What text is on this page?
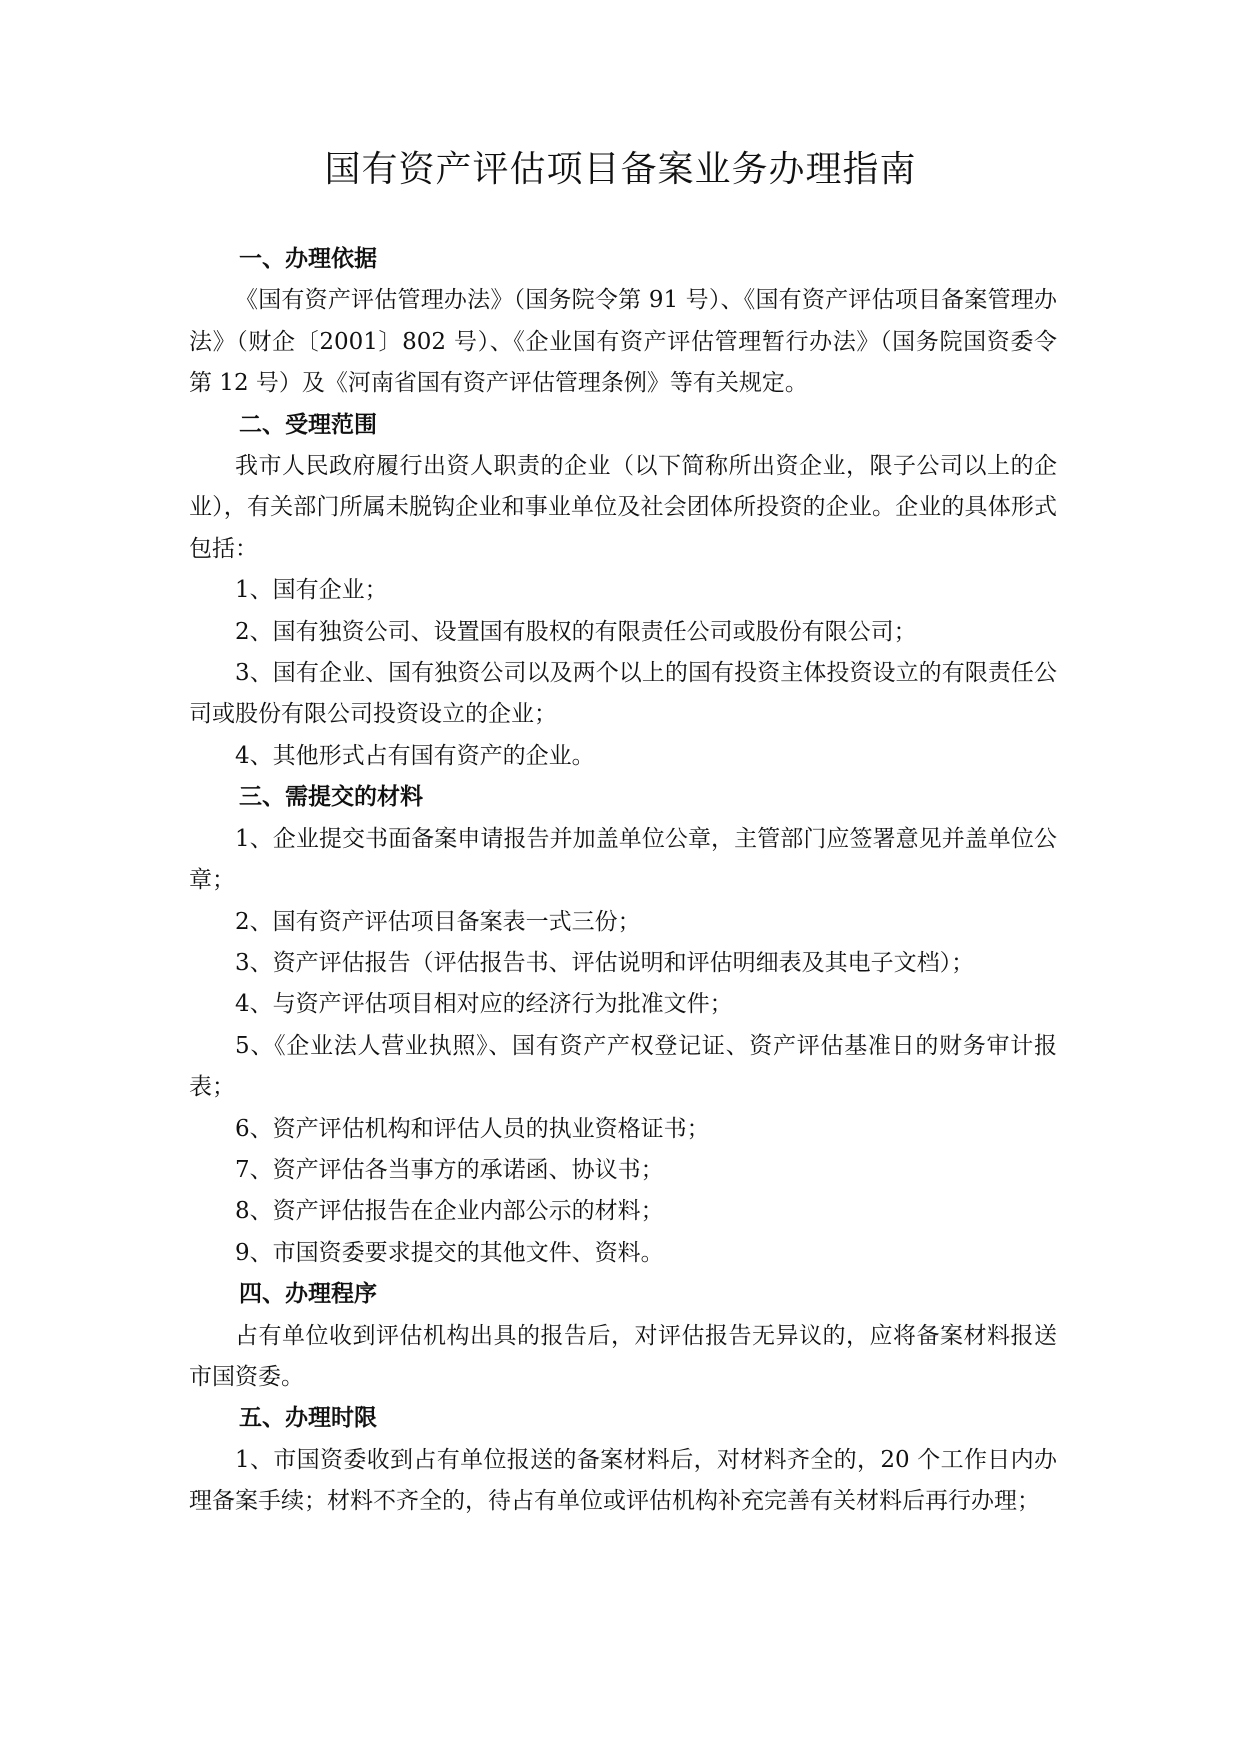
国有资产评估项目备案业务办理指南
一、办理依据

《国有资产评估管理办法》（国务院令第 91 号）、《国有资产评估项目备案管理办法》（财企〔2001〕802 号）、《企业国有资产评估管理暂行办法》（国务院国资委令第 12 号）及《河南省国有资产评估管理条例》等有关规定。

二、受理范围

我市人民政府履行出资人职责的企业（以下简称所出资企业，限子公司以上的企业），有关部门所属未脱钩企业和事业单位及社会团体所投资的企业。企业的具体形式包括：

1、国有企业；

2、国有独资公司、设置国有股权的有限责任公司或股份有限公司；

3、国有企业、国有独资公司以及两个以上的国有投资主体投资设立的有限责任公司或股份有限公司投资设立的企业；

4、其他形式占有国有资产的企业。

三、需提交的材料

1、企业提交书面备案申请报告并加盖单位公章，主管部门应签署意见并盖单位公章；

2、国有资产评估项目备案表一式三份；

3、资产评估报告（评估报告书、评估说明和评估明细表及其电子文档）；

4、与资产评估项目相对应的经济行为批准文件；

5、《企业法人营业执照》、国有资产产权登记证、资产评估基准日的财务审计报表；

6、资产评估机构和评估人员的执业资格证书；

7、资产评估各当事方的承诺函、协议书；

8、资产评估报告在企业内部公示的材料；

9、市国资委要求提交的其他文件、资料。

四、办理程序

占有单位收到评估机构出具的报告后，对评估报告无异议的，应将备案材料报送市国资委。

五、办理时限

1、市国资委收到占有单位报送的备案材料后，对材料齐全的，20 个工作日内办理备案手续；材料不齐全的，待占有单位或评估机构补充完善有关材料后再行办理；
